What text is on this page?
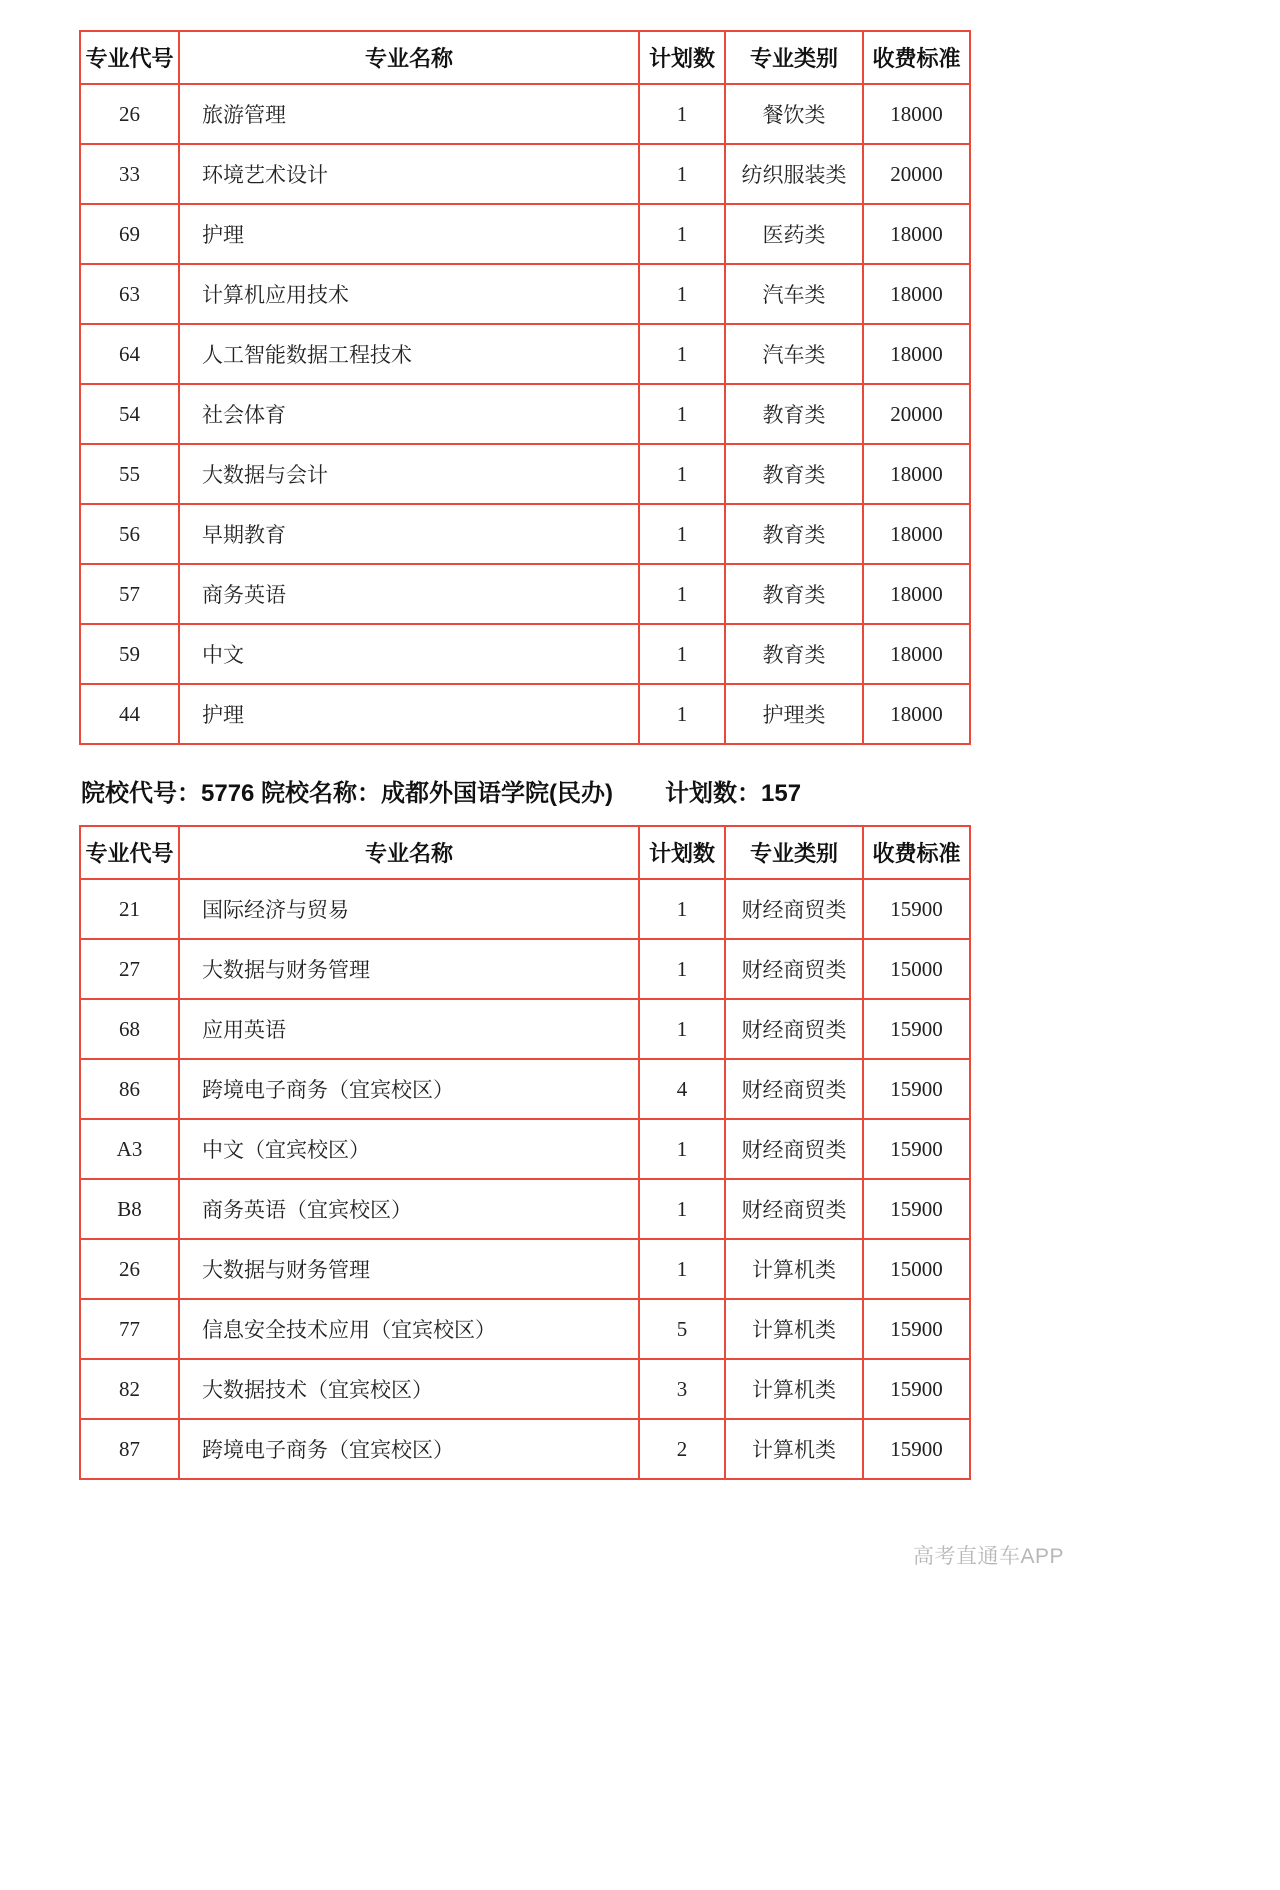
专业代号	专业名称	计划数	专业类别	收费标准
26	旅游管理	1	餐饮类	18000
33	环境艺术设计	1	纺织服装类	20000
69	护理	1	医药类	18000
63	计算机应用技术	1	汽车类	18000
64	人工智能数据工程技术	1	汽车类	18000
54	社会体育	1	教育类	20000
55	大数据与会计	1	教育类	18000
56	早期教育	1	教育类	18000
57	商务英语	1	教育类	18000
59	中文	1	教育类	18000
44	护理	1	护理类	18000
院校代号：5776 院校名称：成都外国语学院(民办) 计划数：157
专业代号	专业名称	计划数	专业类别	收费标准
21	国际经济与贸易	1	财经商贸类	15900
27	大数据与财务管理	1	财经商贸类	15000
68	应用英语	1	财经商贸类	15900
86	跨境电子商务（宜宾校区）	4	财经商贸类	15900
A3	中文（宜宾校区）	1	财经商贸类	15900
B8	商务英语（宜宾校区）	1	财经商贸类	15900
26	大数据与财务管理	1	计算机类	15000
77	信息安全技术应用（宜宾校区）	5	计算机类	15900
82	大数据技术（宜宾校区）	3	计算机类	15900
87	跨境电子商务（宜宾校区）	2	计算机类	15900
高考直通车APP
